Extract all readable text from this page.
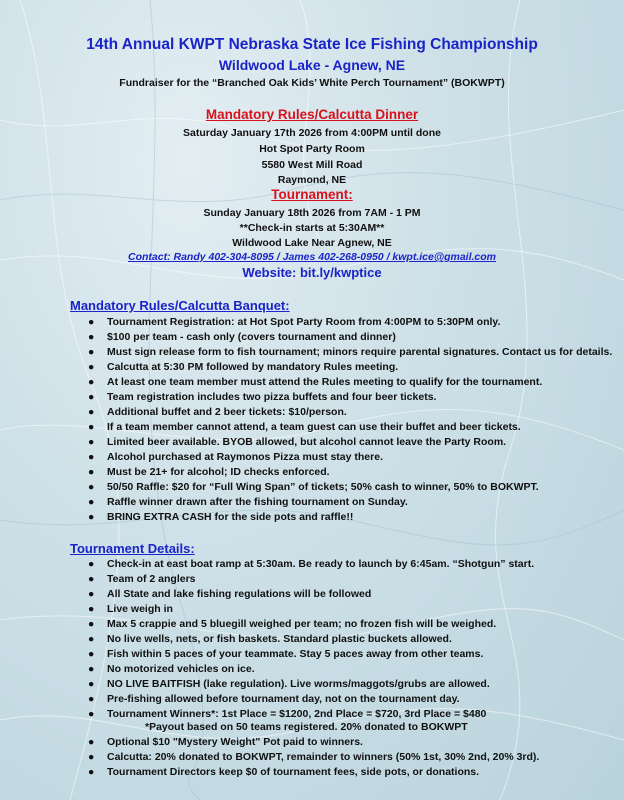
14th Annual KWPT Nebraska State Ice Fishing Championship
Wildwood Lake - Agnew, NE
Fundraiser for the “Branched Oak Kids’ White Perch Tournament” (BOKWPT)
Mandatory Rules/Calcutta Dinner
Saturday January 17th 2026 from 4:00PM until done
Hot Spot Party Room
5580 West Mill Road
Raymond, NE
Tournament:
Sunday January 18th 2026 from 7AM - 1 PM
**Check-in starts at 5:30AM**
Wildwood Lake Near Agnew, NE
Contact: Randy 402-304-8095 / James 402-268-0950 / kwpt.ice@gmail.com
Website: bit.ly/kwptice
Mandatory Rules/Calcutta Banquet:
● Tournament Registration: at Hot Spot Party Room from 4:00PM to 5:30PM only.
● $100 per team - cash only (covers tournament and dinner)
● Must sign release form to fish tournament; minors require parental signatures. Contact us for details.
● Calcutta at 5:30 PM followed by mandatory Rules meeting.
● At least one team member must attend the Rules meeting to qualify for the tournament.
● Team registration includes two pizza buffets and four beer tickets.
● Additional buffet and 2 beer tickets: $10/person.
● If a team member cannot attend, a team guest can use their buffet and beer tickets.
● Limited beer available. BYOB allowed, but alcohol cannot leave the Party Room.
● Alcohol purchased at Raymonos Pizza must stay there.
● Must be 21+ for alcohol; ID checks enforced.
● 50/50 Raffle: $20 for “Full Wing Span” of tickets; 50% cash to winner, 50% to BOKWPT.
● Raffle winner drawn after the fishing tournament on Sunday.
● BRING EXTRA CASH for the side pots and raffle!!
Tournament Details:
● Check-in at east boat ramp at 5:30am. Be ready to launch by 6:45am. “Shotgun” start.
● Team of 2 anglers
● All State and lake fishing regulations will be followed
● Live weigh in
● Max 5 crappie and 5 bluegill weighed per team; no frozen fish will be weighed.
● No live wells, nets, or fish baskets. Standard plastic buckets allowed.
● Fish within 5 paces of your teammate. Stay 5 paces away from other teams.
● No motorized vehicles on ice.
● NO LIVE BAITFISH (lake regulation). Live worms/maggots/grubs are allowed.
● Pre-fishing allowed before tournament day, not on the tournament day.
● Tournament Winners*: 1st Place = $1200, 2nd Place = $720, 3rd Place = $480
*Payout based on 50 teams registered. 20% donated to BOKWPT
● Optional $10 "Mystery Weight" Pot paid to winners.
● Calcutta: 20% donated to BOKWPT, remainder to winners (50% 1st, 30% 2nd, 20% 3rd).
● Tournament Directors keep $0 of tournament fees, side pots, or donations.
